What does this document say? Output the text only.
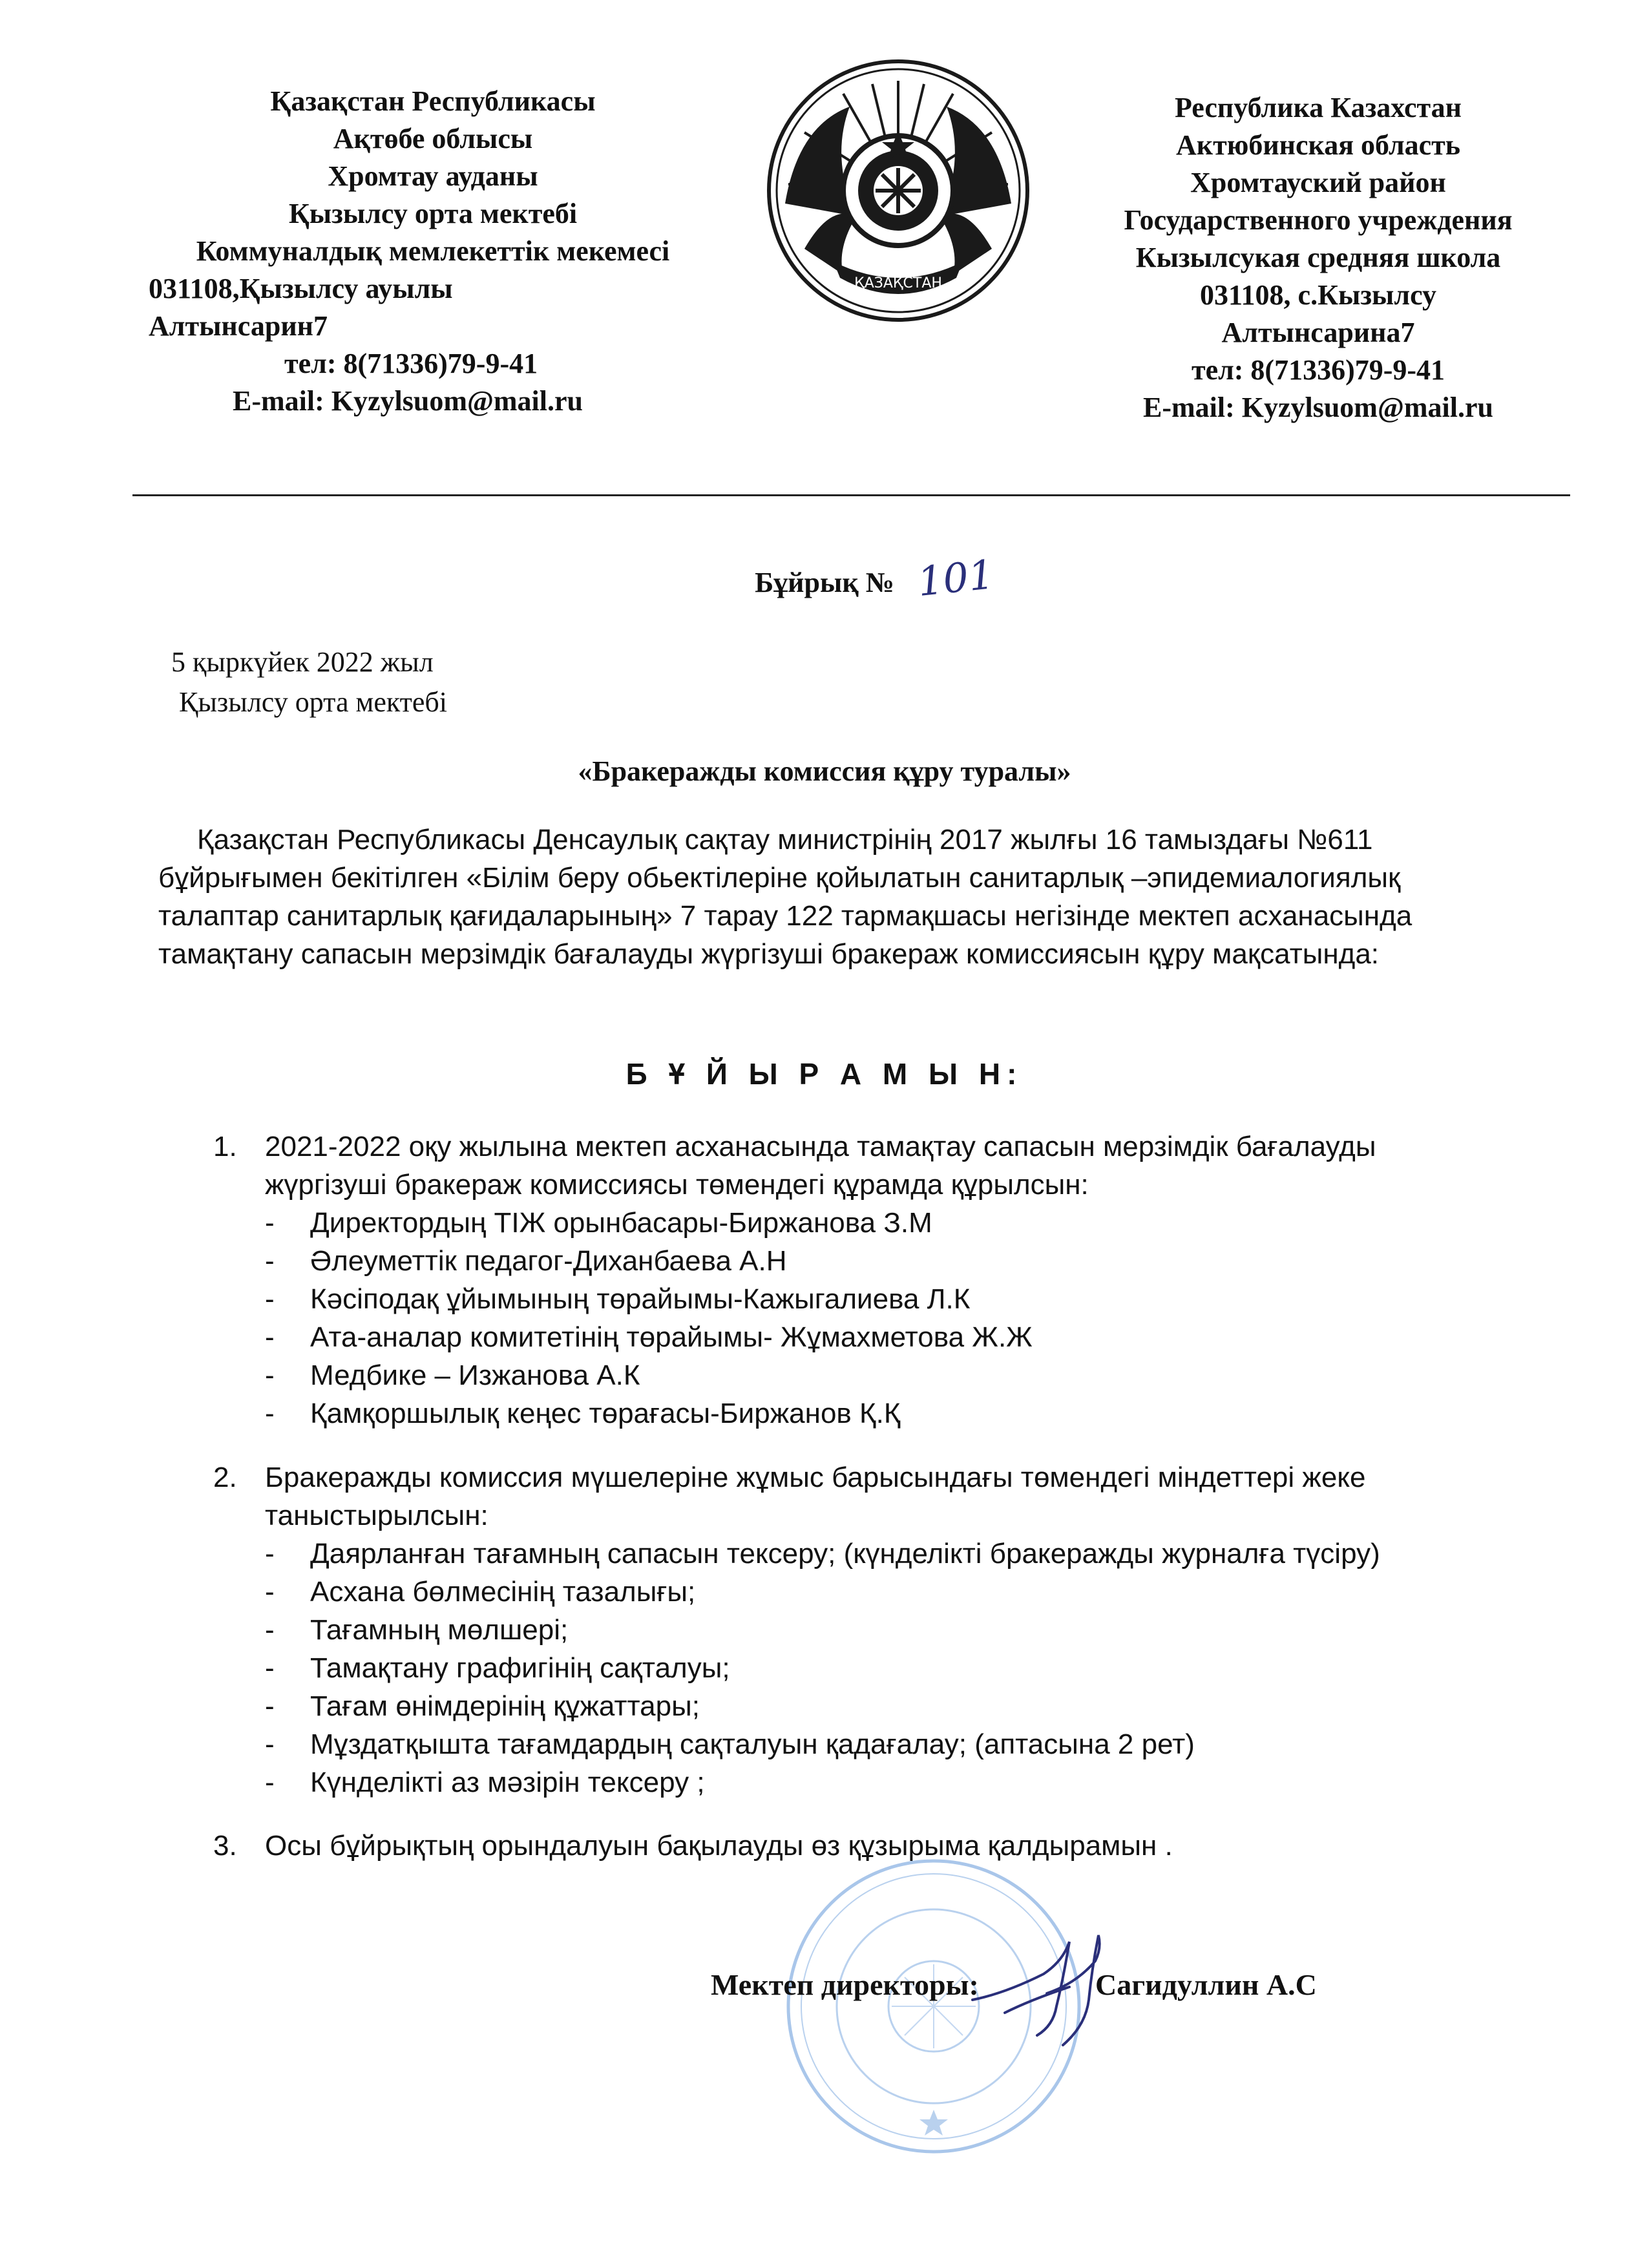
Қазақстан Республикасы
Ақтөбе облысы
Хромтау ауданы
Қызылсу орта мектебі
Коммуналдық мемлекеттік мекемесі
031108,Қызылсу ауылы
Алтынсарин7
тел: 8(71336)79-9-41
E-mail: Kyzylsuom@mail.ru
ҚАЗАҚСТАН
Республика Казахстан
Актюбинская область
Хромтауский район
Государственного учреждения
Кызылсукая средняя школа
031108, с.Кызылсу
Алтынсарина7
тел: 8(71336)79-9-41
E-mail: Kyzylsuom@mail.ru
Бұйрық № 101
5 қыркүйек 2022 жыл
Қызылсу орта мектебі
«Бракеражды комиссия құру туралы»
Қазақстан Республикасы Денсаулық сақтау министрінің 2017 жылғы 16 тамыздағы №611
бұйрығымен бекітілген «Білім беру обьектілеріне қойылатын санитарлық –эпидемиалогиялық
талаптар санитарлық қағидаларының» 7 тарау 122 тармақшасы негізінде мектеп асханасында
тамақтану сапасын мерзімдік бағалауды жүргізуші бракераж комиссиясын құру мақсатында:
Б Ұ Й Ы Р А М Ы Н:
1. 2021-2022 оқу жылына мектеп асханасында тамақтау сапасын мерзімдік бағалауды
жүргізуші бракераж комиссиясы төмендегі құрамда құрылсын:
- Директордың ТІЖ орынбасары-Биржанова З.М
- Әлеуметтік педагог-Диханбаева А.Н
- Кәсіподақ ұйымының төрайымы-Кажыгалиева Л.К
- Ата-аналар комитетінің төрайымы- Жұмахметова Ж.Ж
- Медбике – Изжанова А.К
- Қамқоршылық кеңес төрағасы-Биржанов Қ.Қ
2. Бракеражды комиссия мүшелеріне жұмыс барысындағы төмендегі міндеттері жеке
таныстырылсын:
- Даярланған тағамның сапасын тексеру; (күнделікті бракеражды журналға түсіру)
- Асхана бөлмесінің тазалығы;
- Тағамның мөлшері;
- Тамақтану графигінің сақталуы;
- Тағам өнімдерінің құжаттары;
- Мұздатқышта тағамдардың сақталуын қадағалау; (аптасына 2 рет)
- Күнделікті аз мәзірін тексеру ;
3. Осы бұйрықтың орындалуын бақылауды өз құзырыма қалдырамын .
Мектеп директоры:	Сагидуллин А.С
